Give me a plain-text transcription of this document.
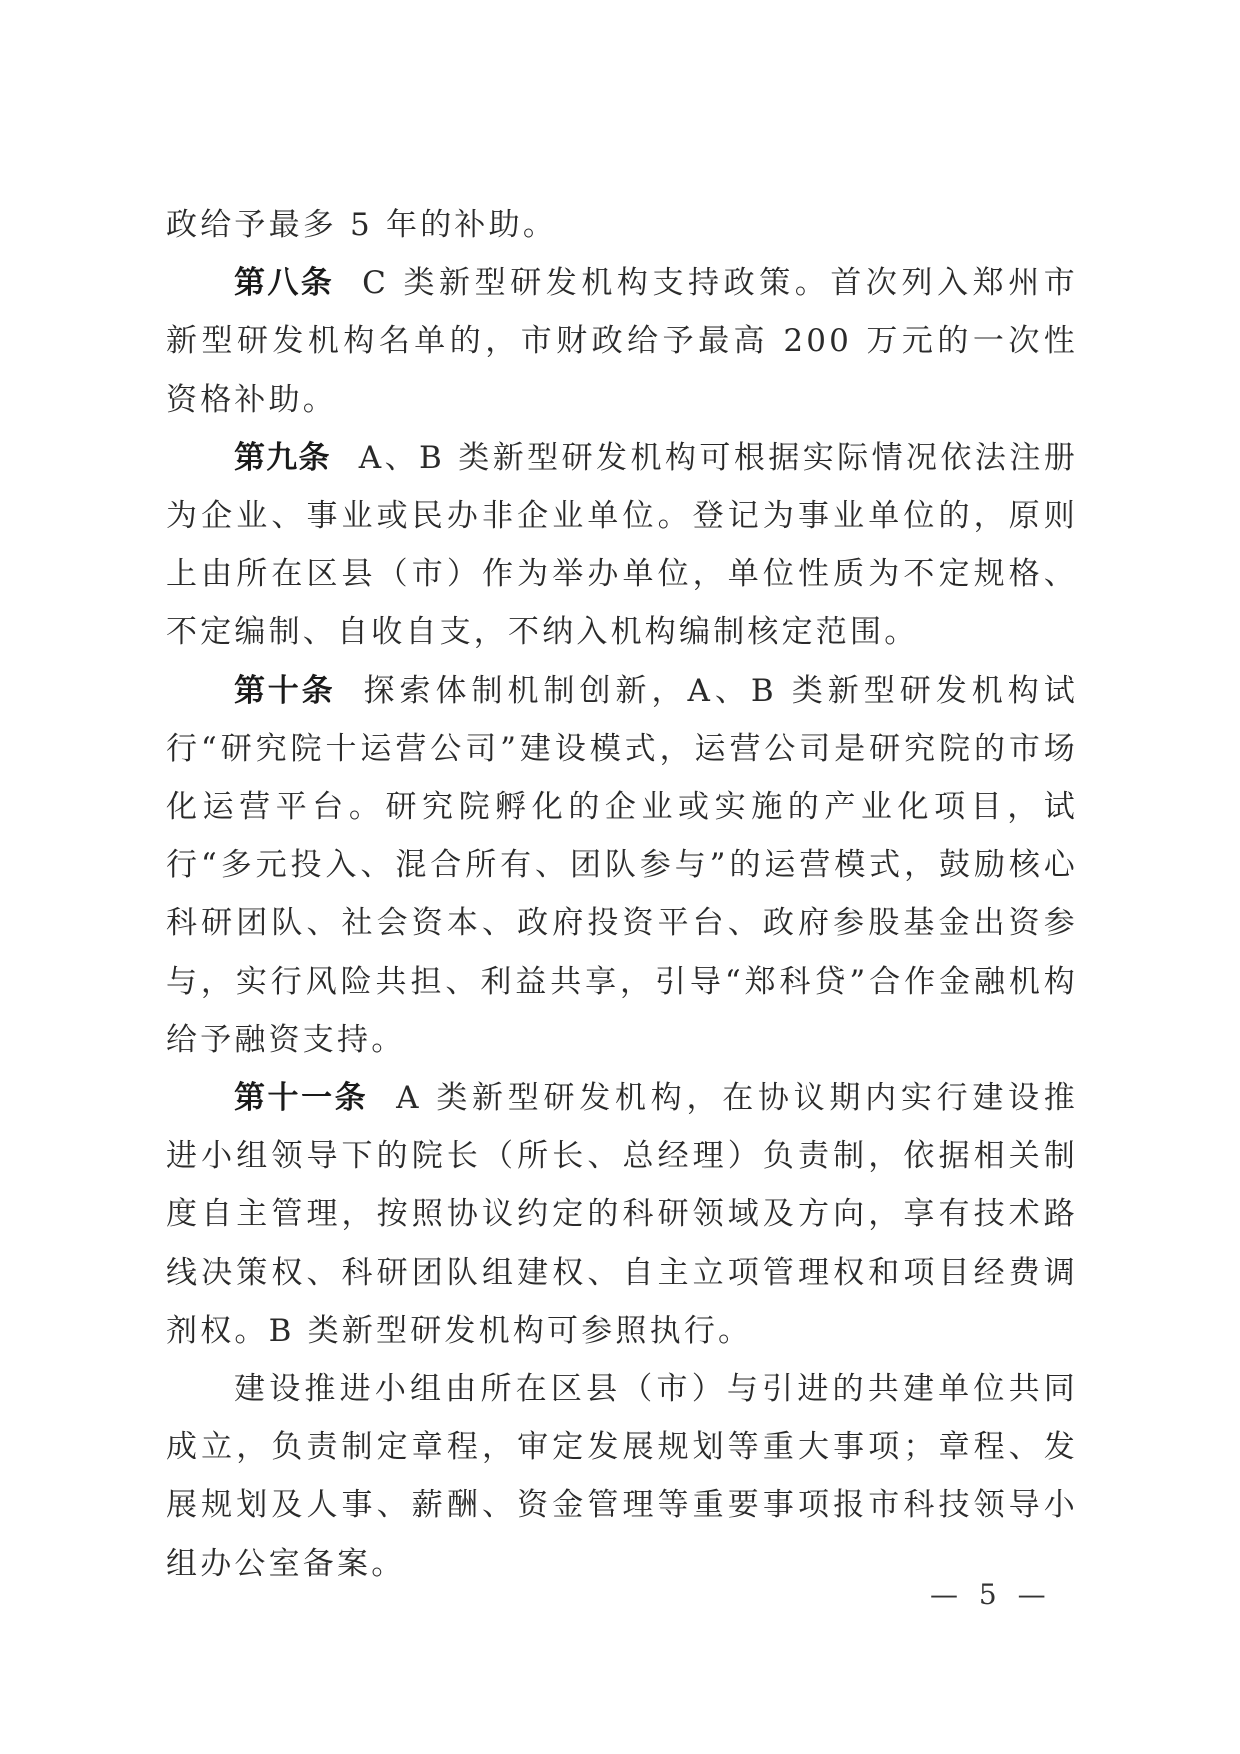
政给予最多 5 年的补助。

第八条 C 类新型研发机构支持政策。首次列入郑州市新型研发机构名单的，市财政给予最高 200 万元的一次性资格补助。

第九条 A、B 类新型研发机构可根据实际情况依法注册为企业、事业或民办非企业单位。登记为事业单位的，原则上由所在区县（市）作为举办单位，单位性质为不定规格、不定编制、自收自支，不纳入机构编制核定范围。

第十条 探索体制机制创新，A、B 类新型研发机构试行“研究院十运营公司”建设模式，运营公司是研究院的市场化运营平台。研究院孵化的企业或实施的产业化项目，试行“多元投入、混合所有、团队参与”的运营模式，鼓励核心科研团队、社会资本、政府投资平台、政府参股基金出资参与，实行风险共担、利益共享，引导“郑科贷”合作金融机构给予融资支持。

第十一条 A 类新型研发机构，在协议期内实行建设推进小组领导下的院长（所长、总经理）负责制，依据相关制度自主管理，按照协议约定的科研领域及方向，享有技术路线决策权、科研团队组建权、自主立项管理权和项目经费调剂权。B 类新型研发机构可参照执行。

建设推进小组由所在区县（市）与引进的共建单位共同成立，负责制定章程，审定发展规划等重大事项；章程、发展规划及人事、薪酬、资金管理等重要事项报市科技领导小组办公室备案。

— 5 —
